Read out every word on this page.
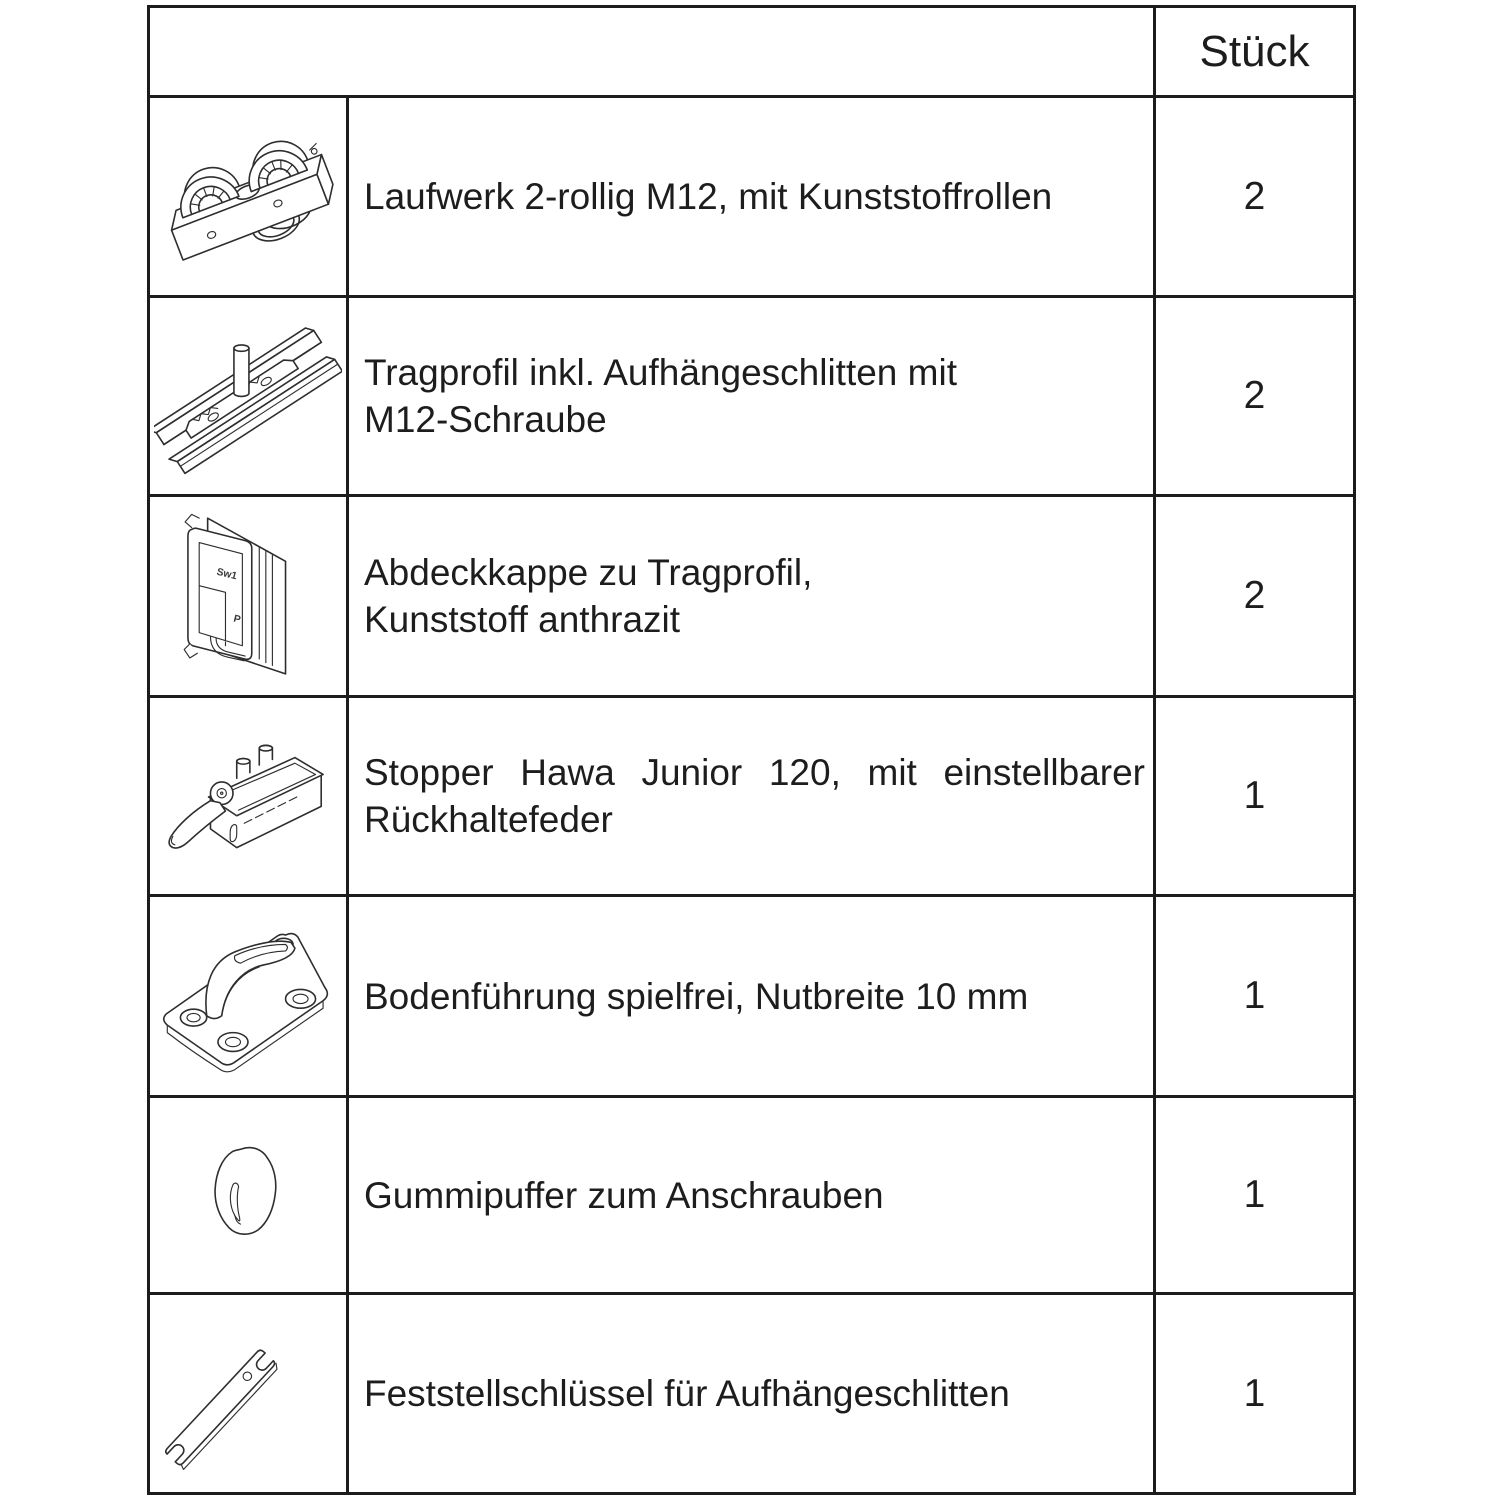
		Stück

Laufwerk 2-rollig M12, mit Kunststoffrollen	2

Tragprofil inkl. Aufhängeschlitten mit
M12-Schraube	2

Sw1
P	Abdeckkappe zu Tragprofil,
Kunststoff anthrazit	2

Stopper Hawa Junior 120, mit einstellbarer
Rückhaltefeder	1

Bodenführung spielfrei, Nutbreite 10 mm	1

Gummipuffer zum Anschrauben	1

Feststellschlüssel für Aufhängeschlitten	1
